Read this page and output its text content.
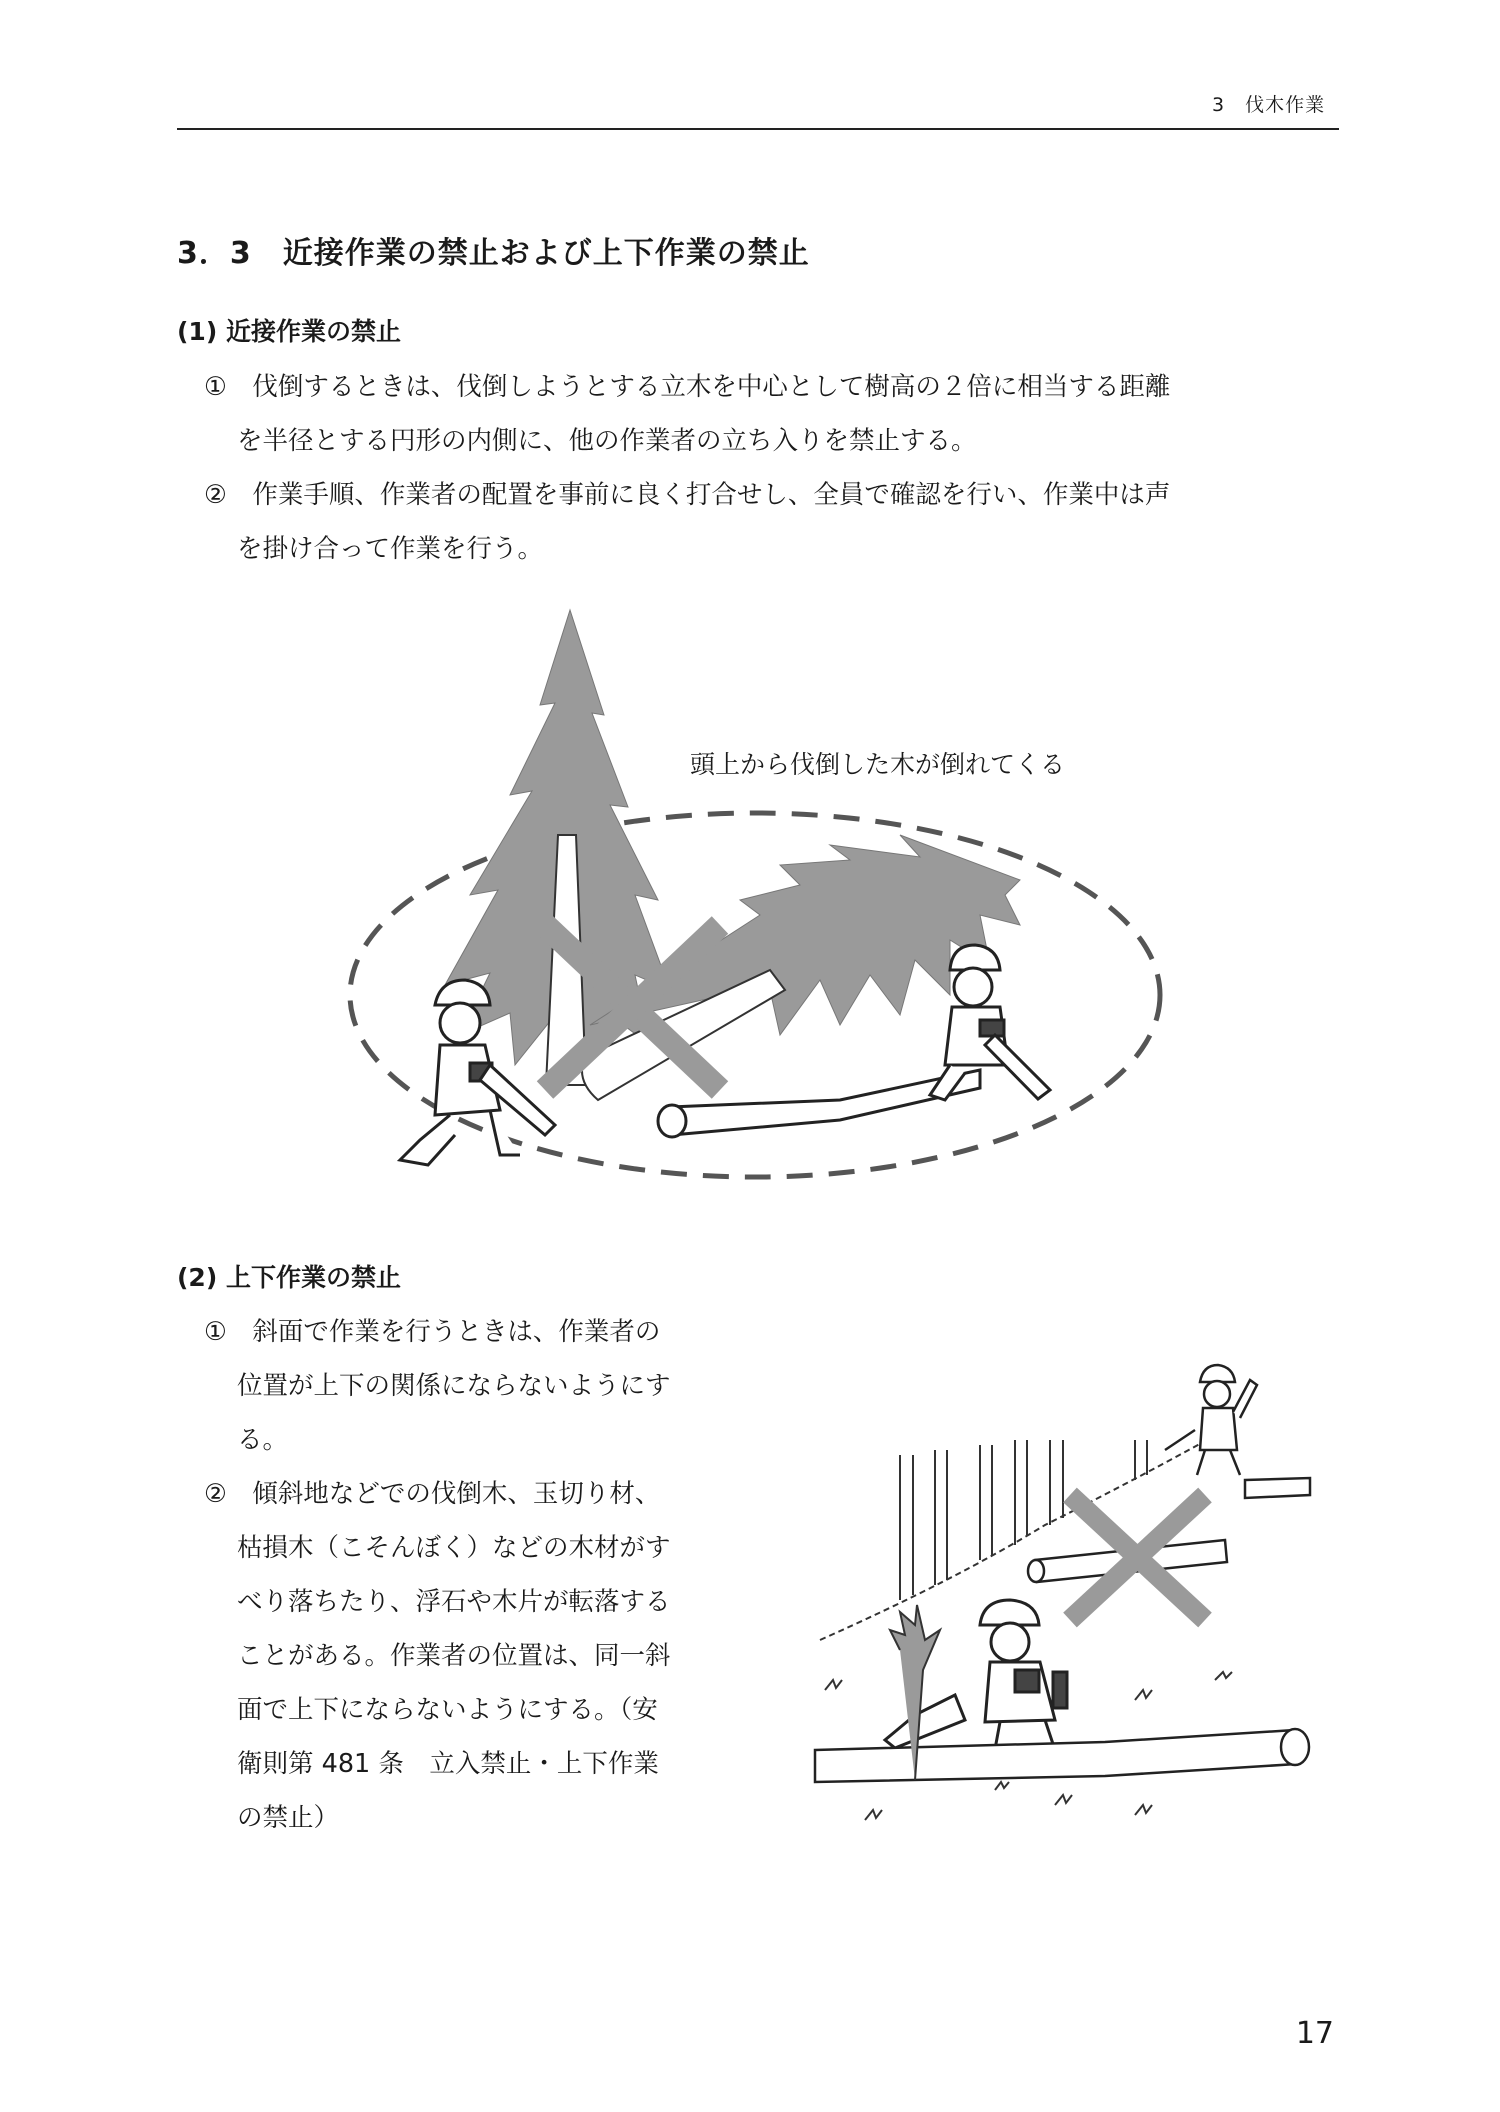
3　伐木作業
3．3　近接作業の禁止および上下作業の禁止
(1) 近接作業の禁止
①　伐倒するときは、伐倒しようとする立木を中心として樹高の２倍に相当する距離
を半径とする円形の内側に、他の作業者の立ち入りを禁止する。
②　作業手順、作業者の配置を事前に良く打合せし、全員で確認を行い、作業中は声
を掛け合って作業を行う。
頭上から伐倒した木が倒れてくる
(2) 上下作業の禁止
①　斜面で作業を行うときは、作業者の
位置が上下の関係にならないようにす
る。
②　傾斜地などでの伐倒木、玉切り材、
枯損木（こそんぼく）などの木材がす
べり落ちたり、浮石や木片が転落する
ことがある。作業者の位置は、同一斜
面で上下にならないようにする。（安
衛則第 481 条　立入禁止・上下作業
の禁止）
17
